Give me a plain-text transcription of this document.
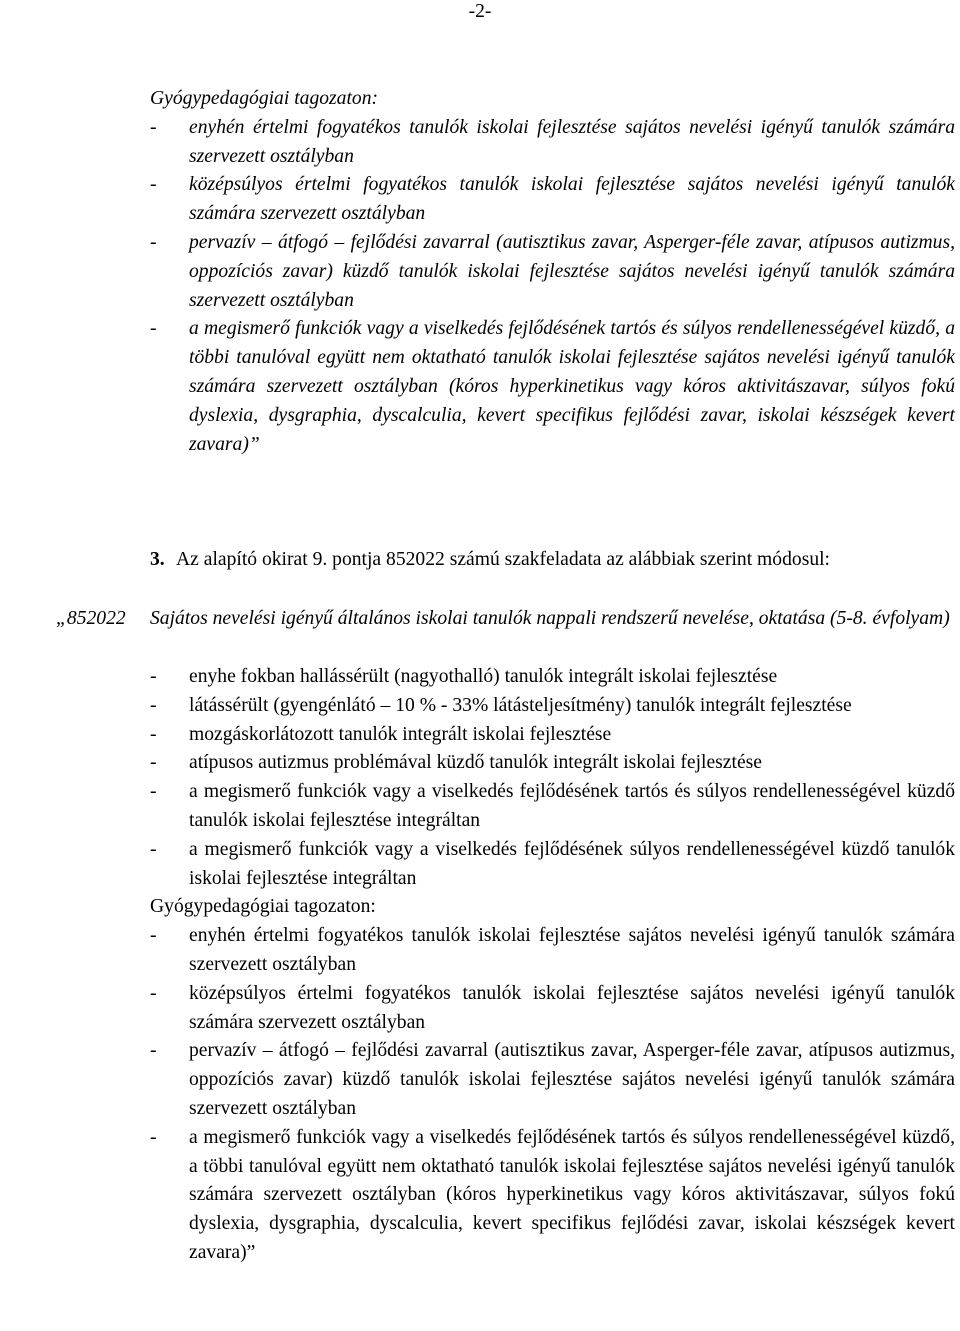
-2-

Gyógypedagógiai tagozaton:

-	enyhén értelmi fogyatékos tanulók iskolai fejlesztése sajátos nevelési igényű tanulók számára szervezett osztályban
-	középsúlyos értelmi fogyatékos tanulók iskolai fejlesztése sajátos nevelési igényű tanulók számára szervezett osztályban
-	pervazív – átfogó – fejlődési zavarral (autisztikus zavar, Asperger-féle zavar, atípusos autizmus, oppozíciós zavar) küzdő tanulók iskolai fejlesztése sajátos nevelési igényű tanulók számára szervezett osztályban
-	a megismerő funkciók vagy a viselkedés fejlődésének tartós és súlyos rendellenességével küzdő, a többi tanulóval együtt nem oktatható tanulók iskolai fejlesztése sajátos nevelési igényű tanulók számára szervezett osztályban (kóros hyperkinetikus vagy kóros aktivitászavar, súlyos fokú dyslexia, dysgraphia, dyscalculia, kevert specifikus fejlődési zavar, iskolai készségek kevert zavara)”
3. Az alapító okirat 9. pontja 852022 számú szakfeladata az alábbiak szerint módosul:
„852022	Sajátos nevelési igényű általános iskolai tanulók nappali rendszerű nevelése, oktatása (5-8. évfolyam)
-	enyhe fokban hallássérült (nagyothalló) tanulók integrált iskolai fejlesztése
-	látássérült (gyengénlátó – 10 % - 33% látásteljesítmény) tanulók integrált fejlesztése
-	mozgáskorlátozott tanulók integrált iskolai fejlesztése
-	atípusos autizmus problémával küzdő tanulók integrált iskolai fejlesztése
-	a megismerő funkciók vagy a viselkedés fejlődésének tartós és súlyos rendellenességével küzdő tanulók iskolai fejlesztése integráltan
-	a megismerő funkciók vagy a viselkedés fejlődésének súlyos rendellenességével küzdő tanulók iskolai fejlesztése integráltan

Gyógypedagógiai tagozaton:

-	enyhén értelmi fogyatékos tanulók iskolai fejlesztése sajátos nevelési igényű tanulók számára szervezett osztályban
-	középsúlyos értelmi fogyatékos tanulók iskolai fejlesztése sajátos nevelési igényű tanulók számára szervezett osztályban
-	pervazív – átfogó – fejlődési zavarral (autisztikus zavar, Asperger-féle zavar, atípusos autizmus, oppozíciós zavar) küzdő tanulók iskolai fejlesztése sajátos nevelési igényű tanulók számára szervezett osztályban
-	a megismerő funkciók vagy a viselkedés fejlődésének tartós és súlyos rendellenességével küzdő, a többi tanulóval együtt nem oktatható tanulók iskolai fejlesztése sajátos nevelési igényű tanulók számára szervezett osztályban (kóros hyperkinetikus vagy kóros aktivitászavar, súlyos fokú dyslexia, dysgraphia, dyscalculia, kevert specifikus fejlődési zavar, iskolai készségek kevert zavara)”
